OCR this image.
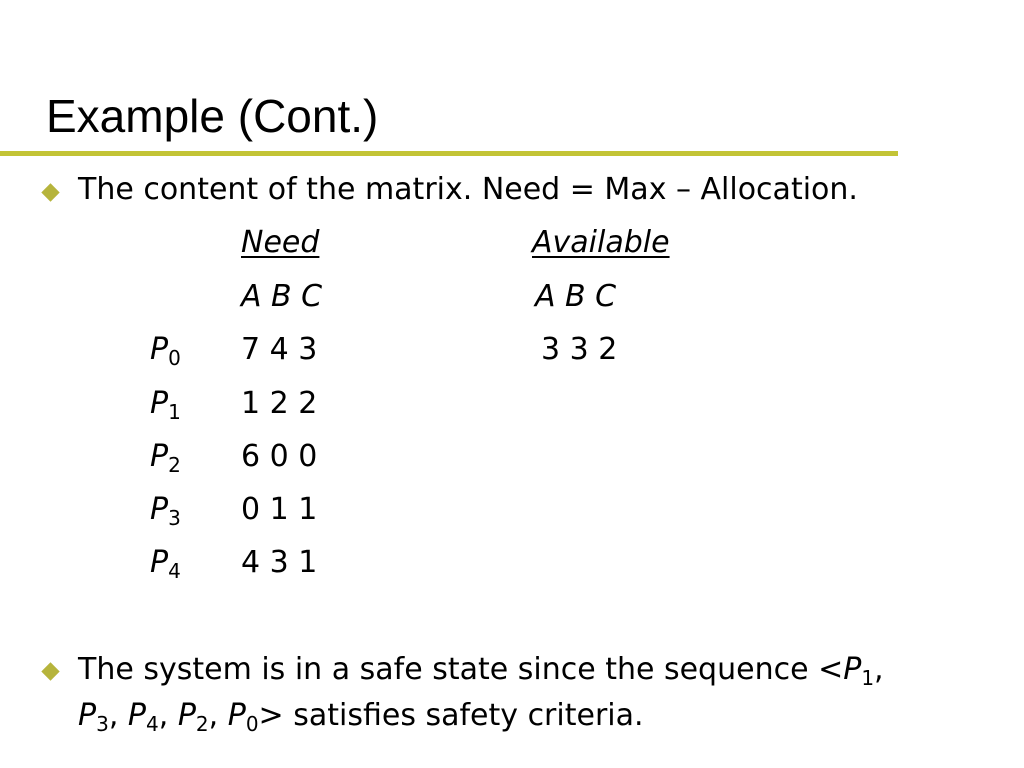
Example (Cont.)
The content of the matrix. Need = Max – Allocation.
Need	Available
A B C	A B C
$P_0$ 7 4 3	3 3 2
$P_1$ 1 2 2
$P_2$ 6 0 0
$P_3$ 0 1 1
$P_4$ 4 3 1
The system is in a safe state since the sequence $<P_1$,
$P_3$, $P_4$, $P_2$, $P_0>$ satisfies safety criteria.
